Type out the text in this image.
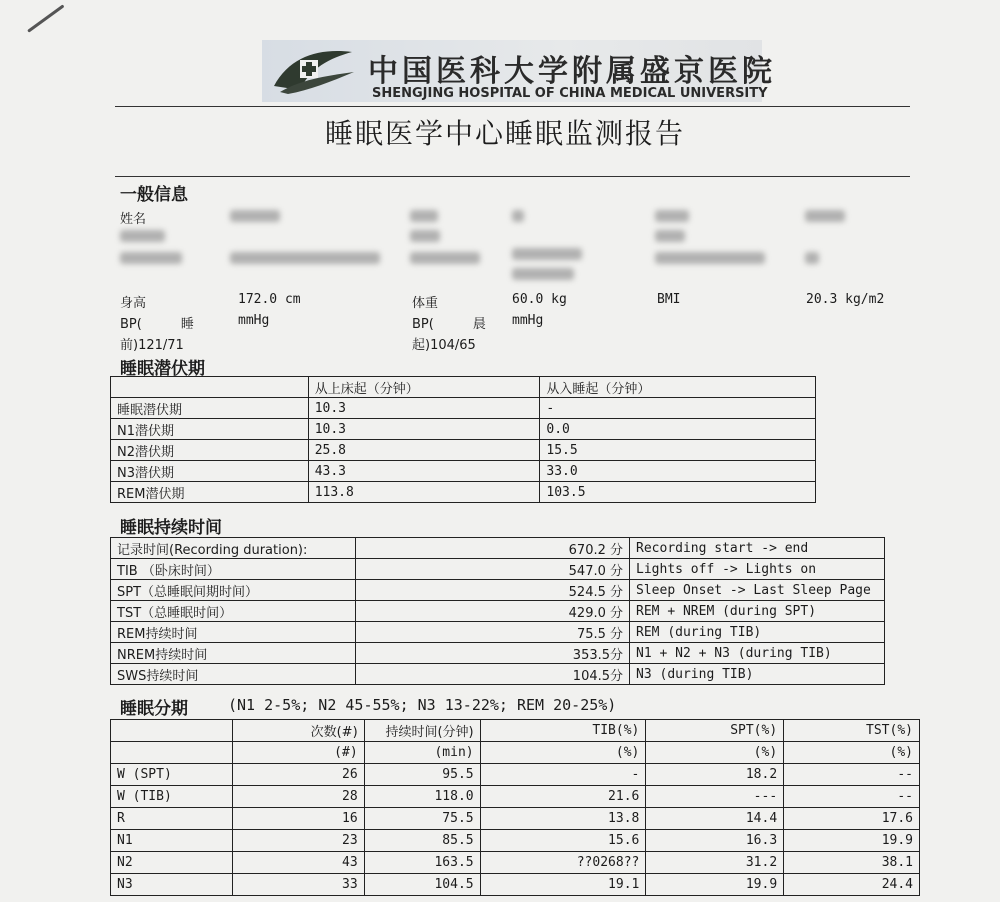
中国医科大学附属盛京医院
SHENGJING HOSPITAL OF CHINA MEDICAL UNIVERSITY
睡眠医学中心睡眠监测报告
一般信息
姓名
身高	172.0 cm	体重	60.0 kg	BMI	20.3 kg/m2
BP(　　　睡	mmHg
前)121/71
BP(　　　晨 mmHg
起)104/65
睡眠潜伏期
	从上床起（分钟）	从入睡起（分钟）
睡眠潜伏期	10.3	-
N1潜伏期	10.3	0.0
N2潜伏期	25.8	15.5
N3潜伏期	43.3	33.0
REM潜伏期	113.8	103.5
睡眠持续时间
记录时间(Recording duration):	670.2 分	Recording start -> end
TIB （卧床时间）	547.0 分	Lights off -> Lights on
SPT（总睡眠间期时间）	524.5 分	Sleep Onset -> Last Sleep Page
TST（总睡眠时间）	429.0 分	REM + NREM (during SPT)
REM持续时间	75.5 分	REM (during TIB)
NREM持续时间	353.5分	N1 + N2 + N3 (during TIB)
SWS持续时间	104.5分	N3 (during TIB)
睡眠分期	(N1 2-5%; N2 45-55%; N3 13-22%; REM 20-25%)
	次数(#)	持续时间(分钟)	TIB(%)	SPT(%)	TST(%)
	(#)	(min)	(%)	(%)	(%)
W (SPT)	26	95.5	-	18.2	--
W (TIB)	28	118.0	21.6	---	--
R	16	75.5	13.8	14.4	17.6
N1	23	85.5	15.6	16.3	19.9
N2	43	163.5	??0268??	31.2	38.1
N3	33	104.5	19.1	19.9	24.4
